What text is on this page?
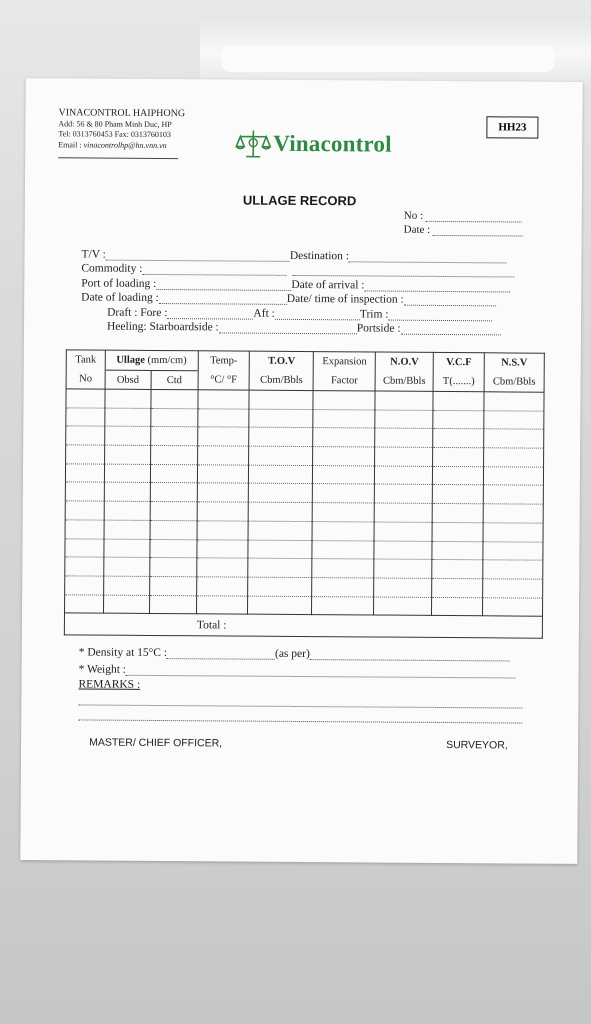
VINACONTROL HAIPHONG
Add: 56 & 80 Pham Minh Duc, HP
Tel: 0313760453 Fax: 0313760103
Email : vinacontrolhp@hn.vnn.vn	Vinacontrol
HH23
ULLAGE RECORD
No :
Date :
T/V :	Destination :
Commodity :
Port of loading :	Date of arrival :
Date of loading :	Date/ time of inspection :
Draft : Fore :	Aft :	Trim :
Heeling: Starboardside :	Portside :
Tank	Ullage (mm/cm)		Temp-	T.O.V	Expansion	N.O.V	V.C.F	N.S.V
No	Obsd	Ctd	°C/ °F	Cbm/Bbls	Factor	Cbm/Bbls	T(.......)	Cbm/Bbls

Total :								
* Density at 15°C :	(as per)
* Weight :
REMARKS :
MASTER/ CHIEF OFFICER,	SURVEYOR,
